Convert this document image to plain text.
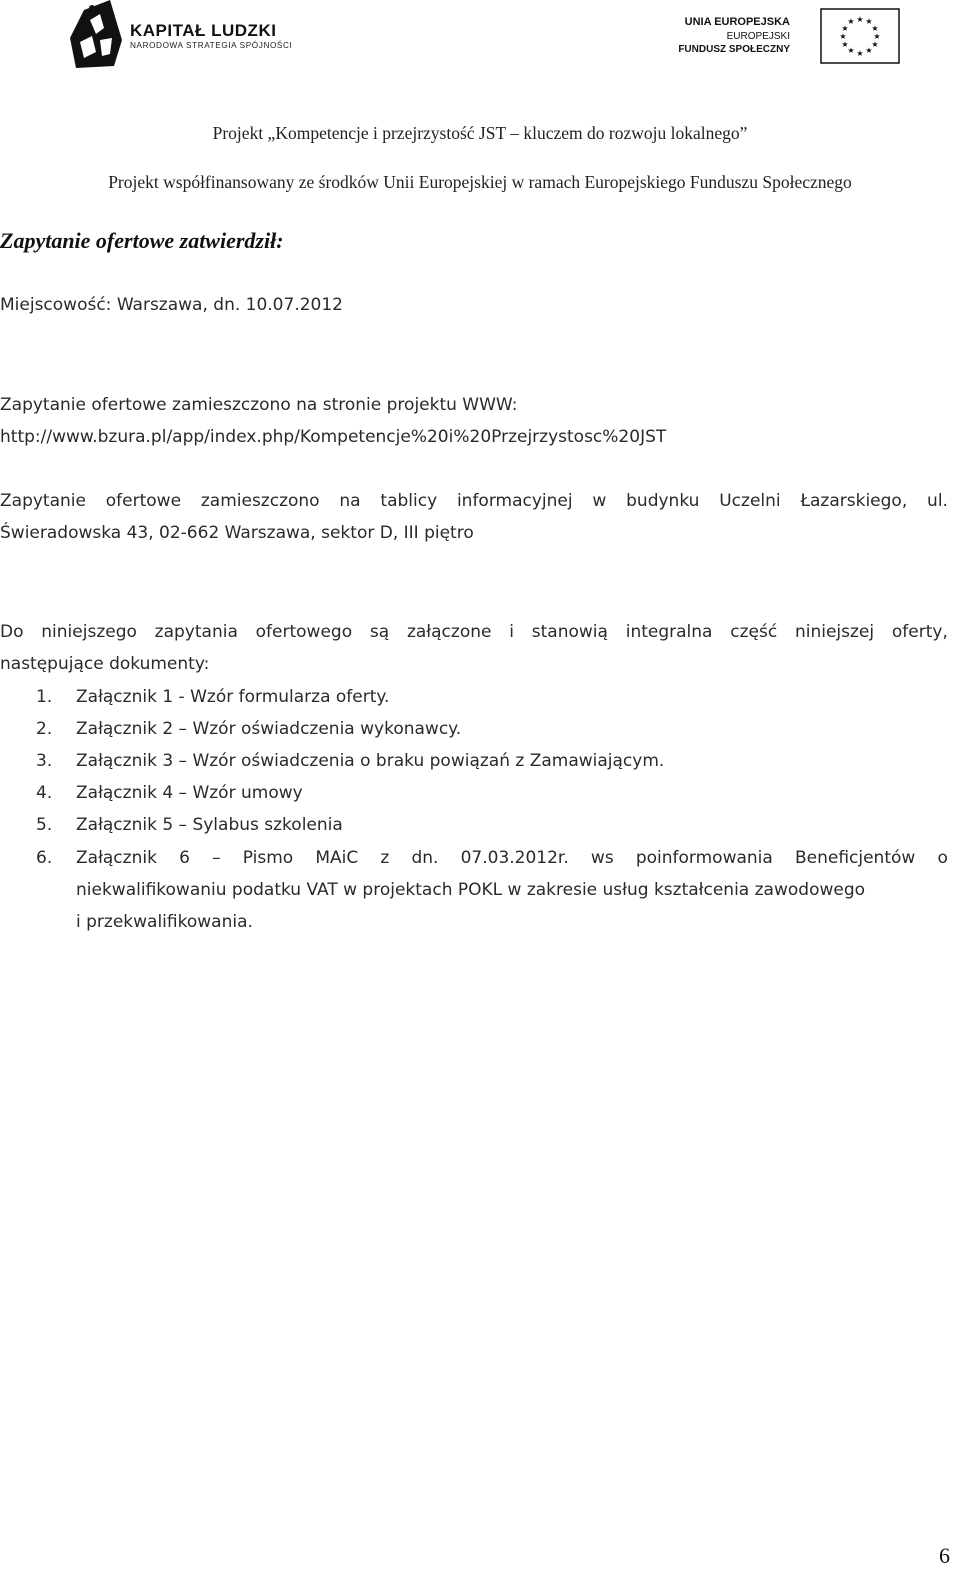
KAPITAŁ LUDZKI
NARODOWA STRATEGIA SPÓJNOŚCI
UNIA EUROPEJSKA
EUROPEJSKI
FUNDUSZ SPOŁECZNY
★ ★
★
★
★
★
★
★
★
★
★
★
Projekt „Kompetencje i przejrzystość JST – kluczem do rozwoju lokalnego”
Projekt współfinansowany ze środków Unii Europejskiej w ramach Europejskiego Funduszu Społecznego
Zapytanie ofertowe zatwierdził:
Miejscowość: Warszawa, dn. 10.07.2012
Zapytanie ofertowe zamieszczono na stronie projektu WWW:
http://www.bzura.pl/app/index.php/Kompetencje%20i%20Przejrzystosc%20JST
Zapytanie ofertowe zamieszczono na tablicy informacyjnej w budynku Uczelni Łazarskiego, ul.
Świeradowska 43, 02-662 Warszawa, sektor D, III piętro
Do niniejszego zapytania ofertowego są załączone i stanowią integralna część niniejszej oferty,
następujące dokumenty:
1. Załącznik 1 - Wzór formularza oferty.
2. Załącznik 2 – Wzór oświadczenia wykonawcy.
3. Załącznik 3 – Wzór oświadczenia o braku powiązań z Zamawiającym.
4. Załącznik 4 – Wzór umowy
5. Załącznik 5 – Sylabus szkolenia
6. Załącznik 6 – Pismo MAiC z dn. 07.03.2012r. ws poinformowania Beneficjentów o
niekwalifikowaniu podatku VAT w projektach POKL w zakresie usług kształcenia zawodowego
i przekwalifikowania.
6
